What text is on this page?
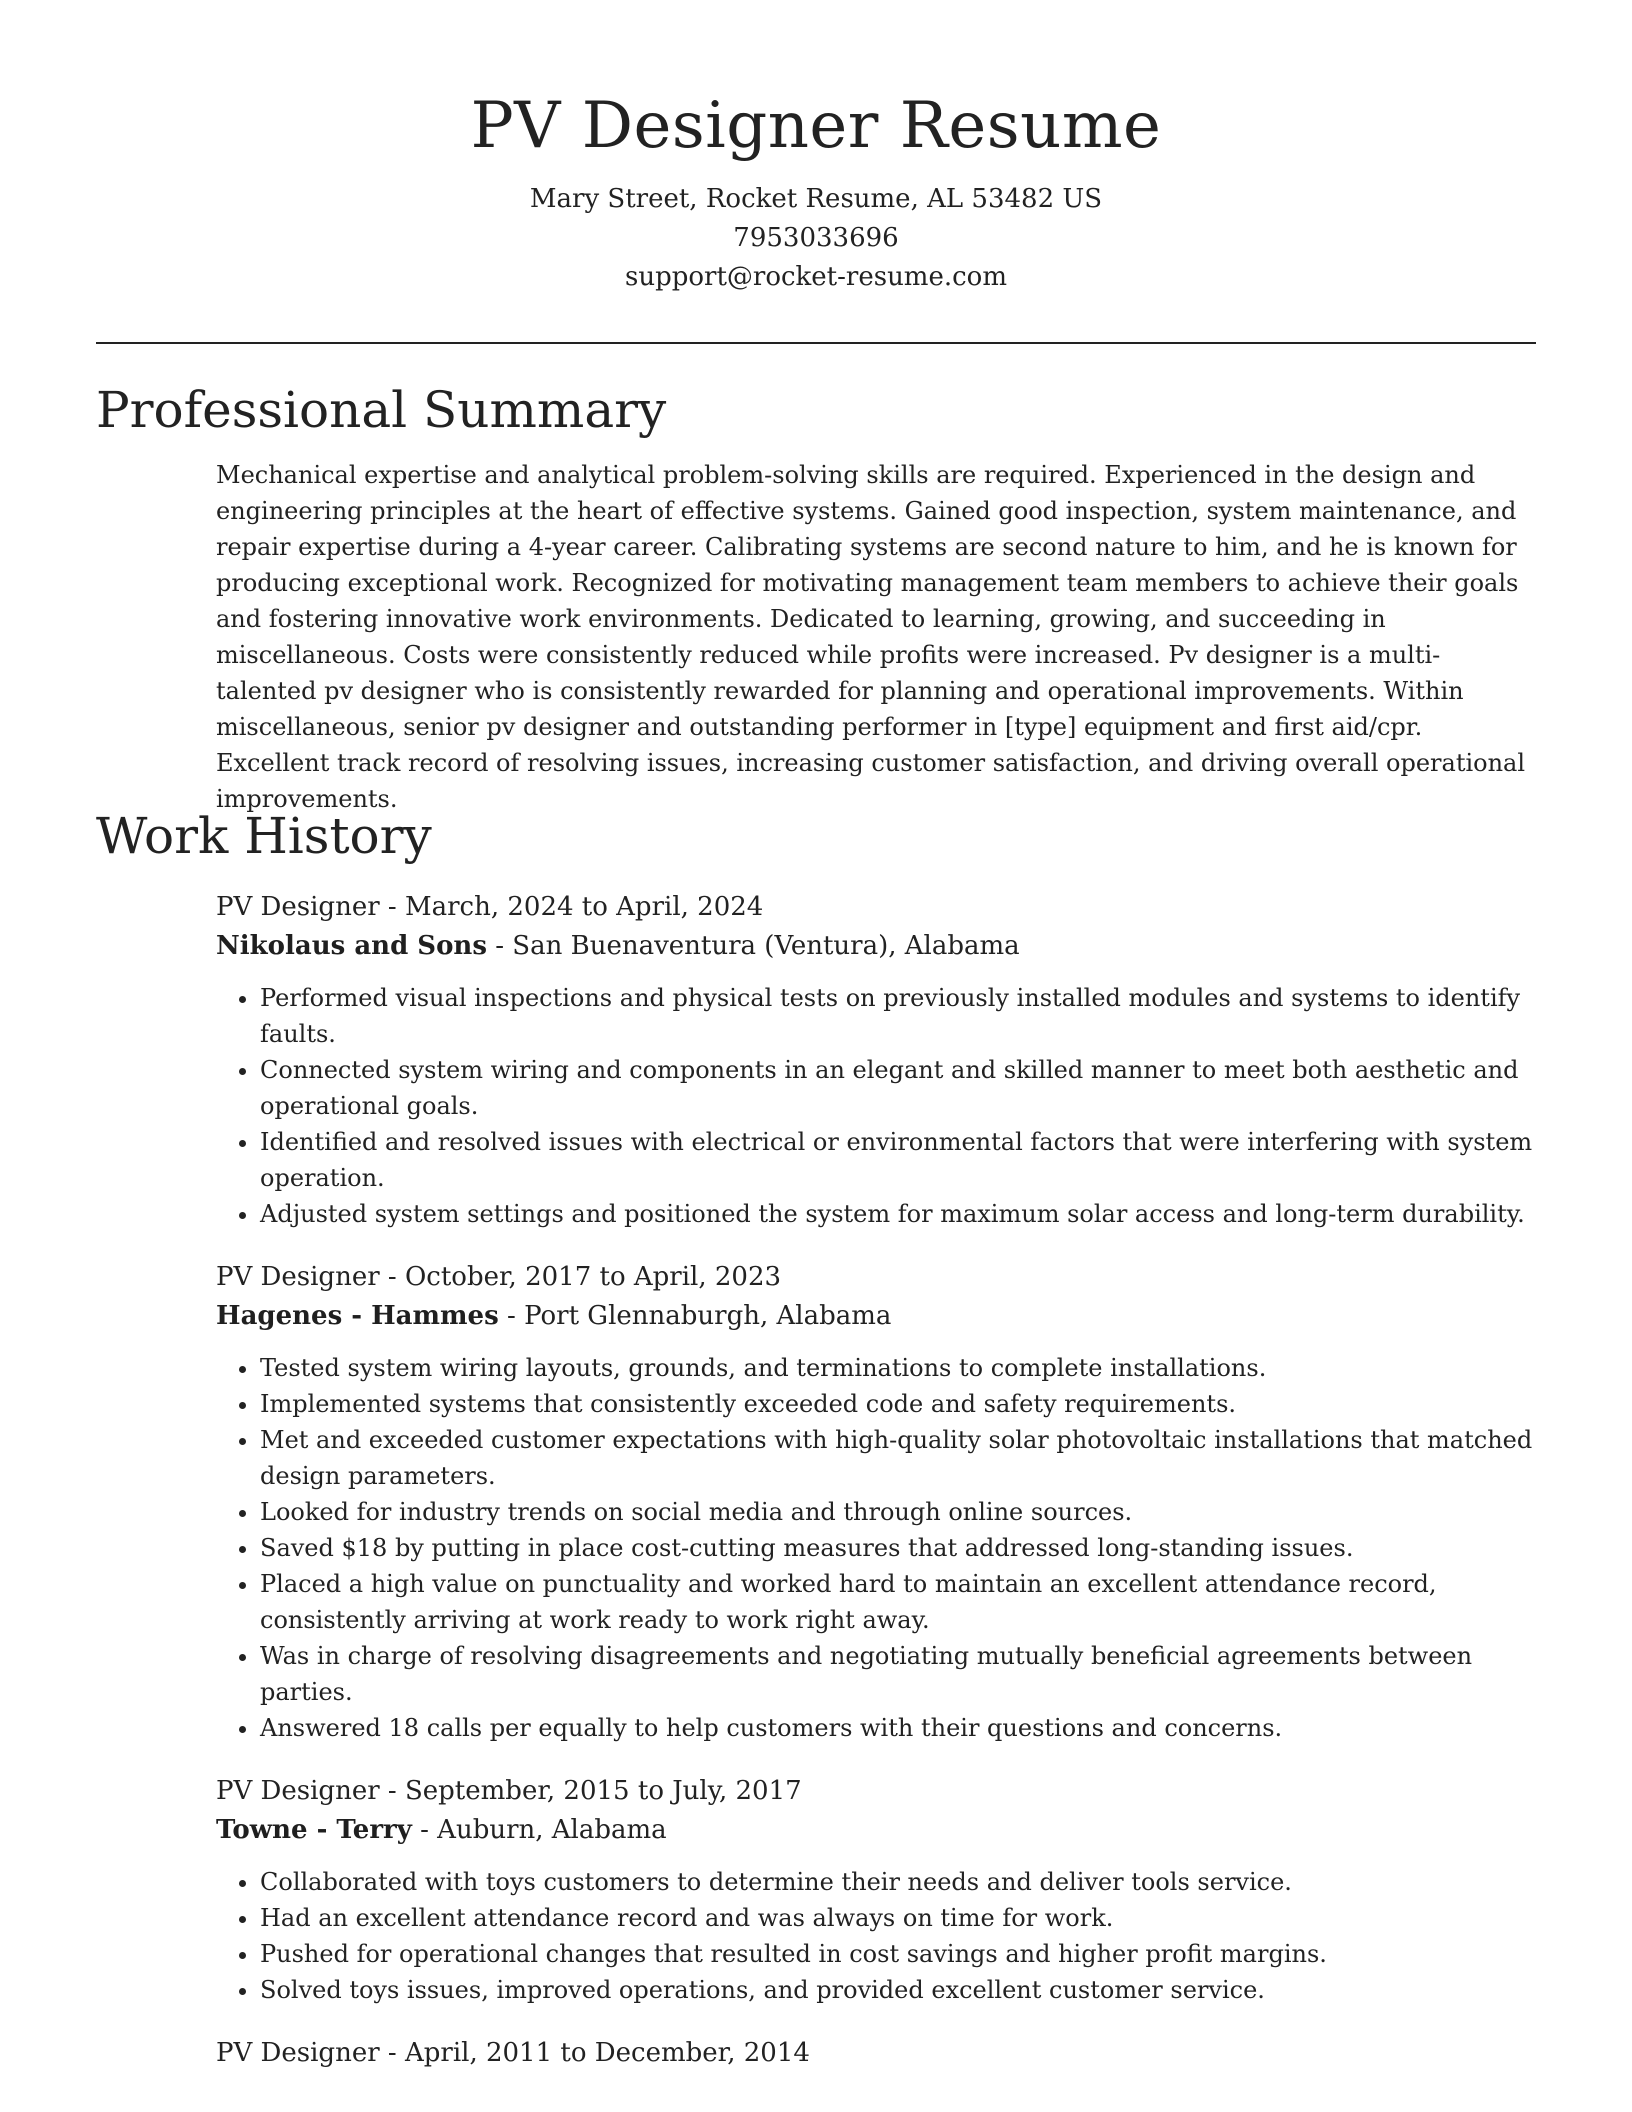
PV Designer Resume
Mary Street, Rocket Resume, AL 53482 US
7953033696
support@rocket-resume.com
Professional Summary

Mechanical expertise and analytical problem-solving skills are required. Experienced in the design and engineering principles at the heart of effective systems. Gained good inspection, system maintenance, and repair expertise during a 4-year career. Calibrating systems are second nature to him, and he is known for producing exceptional work. Recognized for motivating management team members to achieve their goals and fostering innovative work environments. Dedicated to learning, growing, and succeeding in miscellaneous. Costs were consistently reduced while profits were increased. Pv designer is a multi-talented pv designer who is consistently rewarded for planning and operational improvements. Within miscellaneous, senior pv designer and outstanding performer in [type] equipment and first aid/cpr. Excellent track record of resolving issues, increasing customer satisfaction, and driving overall operational improvements.

Work History
PV Designer - March, 2024 to April, 2024
Nikolaus and Sons - San Buenaventura (Ventura), Alabama
• Performed visual inspections and physical tests on previously installed modules and systems to identify faults.
• Connected system wiring and components in an elegant and skilled manner to meet both aesthetic and operational goals.
• Identified and resolved issues with electrical or environmental factors that were interfering with system operation.
• Adjusted system settings and positioned the system for maximum solar access and long-term durability.
PV Designer - October, 2017 to April, 2023
Hagenes - Hammes - Port Glennaburgh, Alabama
• Tested system wiring layouts, grounds, and terminations to complete installations.
• Implemented systems that consistently exceeded code and safety requirements.
• Met and exceeded customer expectations with high-quality solar photovoltaic installations that matched design parameters.
• Looked for industry trends on social media and through online sources.
• Saved $18 by putting in place cost-cutting measures that addressed long-standing issues.
• Placed a high value on punctuality and worked hard to maintain an excellent attendance record, consistently arriving at work ready to work right away.
• Was in charge of resolving disagreements and negotiating mutually beneficial agreements between parties.
• Answered 18 calls per equally to help customers with their questions and concerns.
PV Designer - September, 2015 to July, 2017
Towne - Terry - Auburn, Alabama
• Collaborated with toys customers to determine their needs and deliver tools service.
• Had an excellent attendance record and was always on time for work.
• Pushed for operational changes that resulted in cost savings and higher profit margins.
• Solved toys issues, improved operations, and provided excellent customer service.
PV Designer - April, 2011 to December, 2014
